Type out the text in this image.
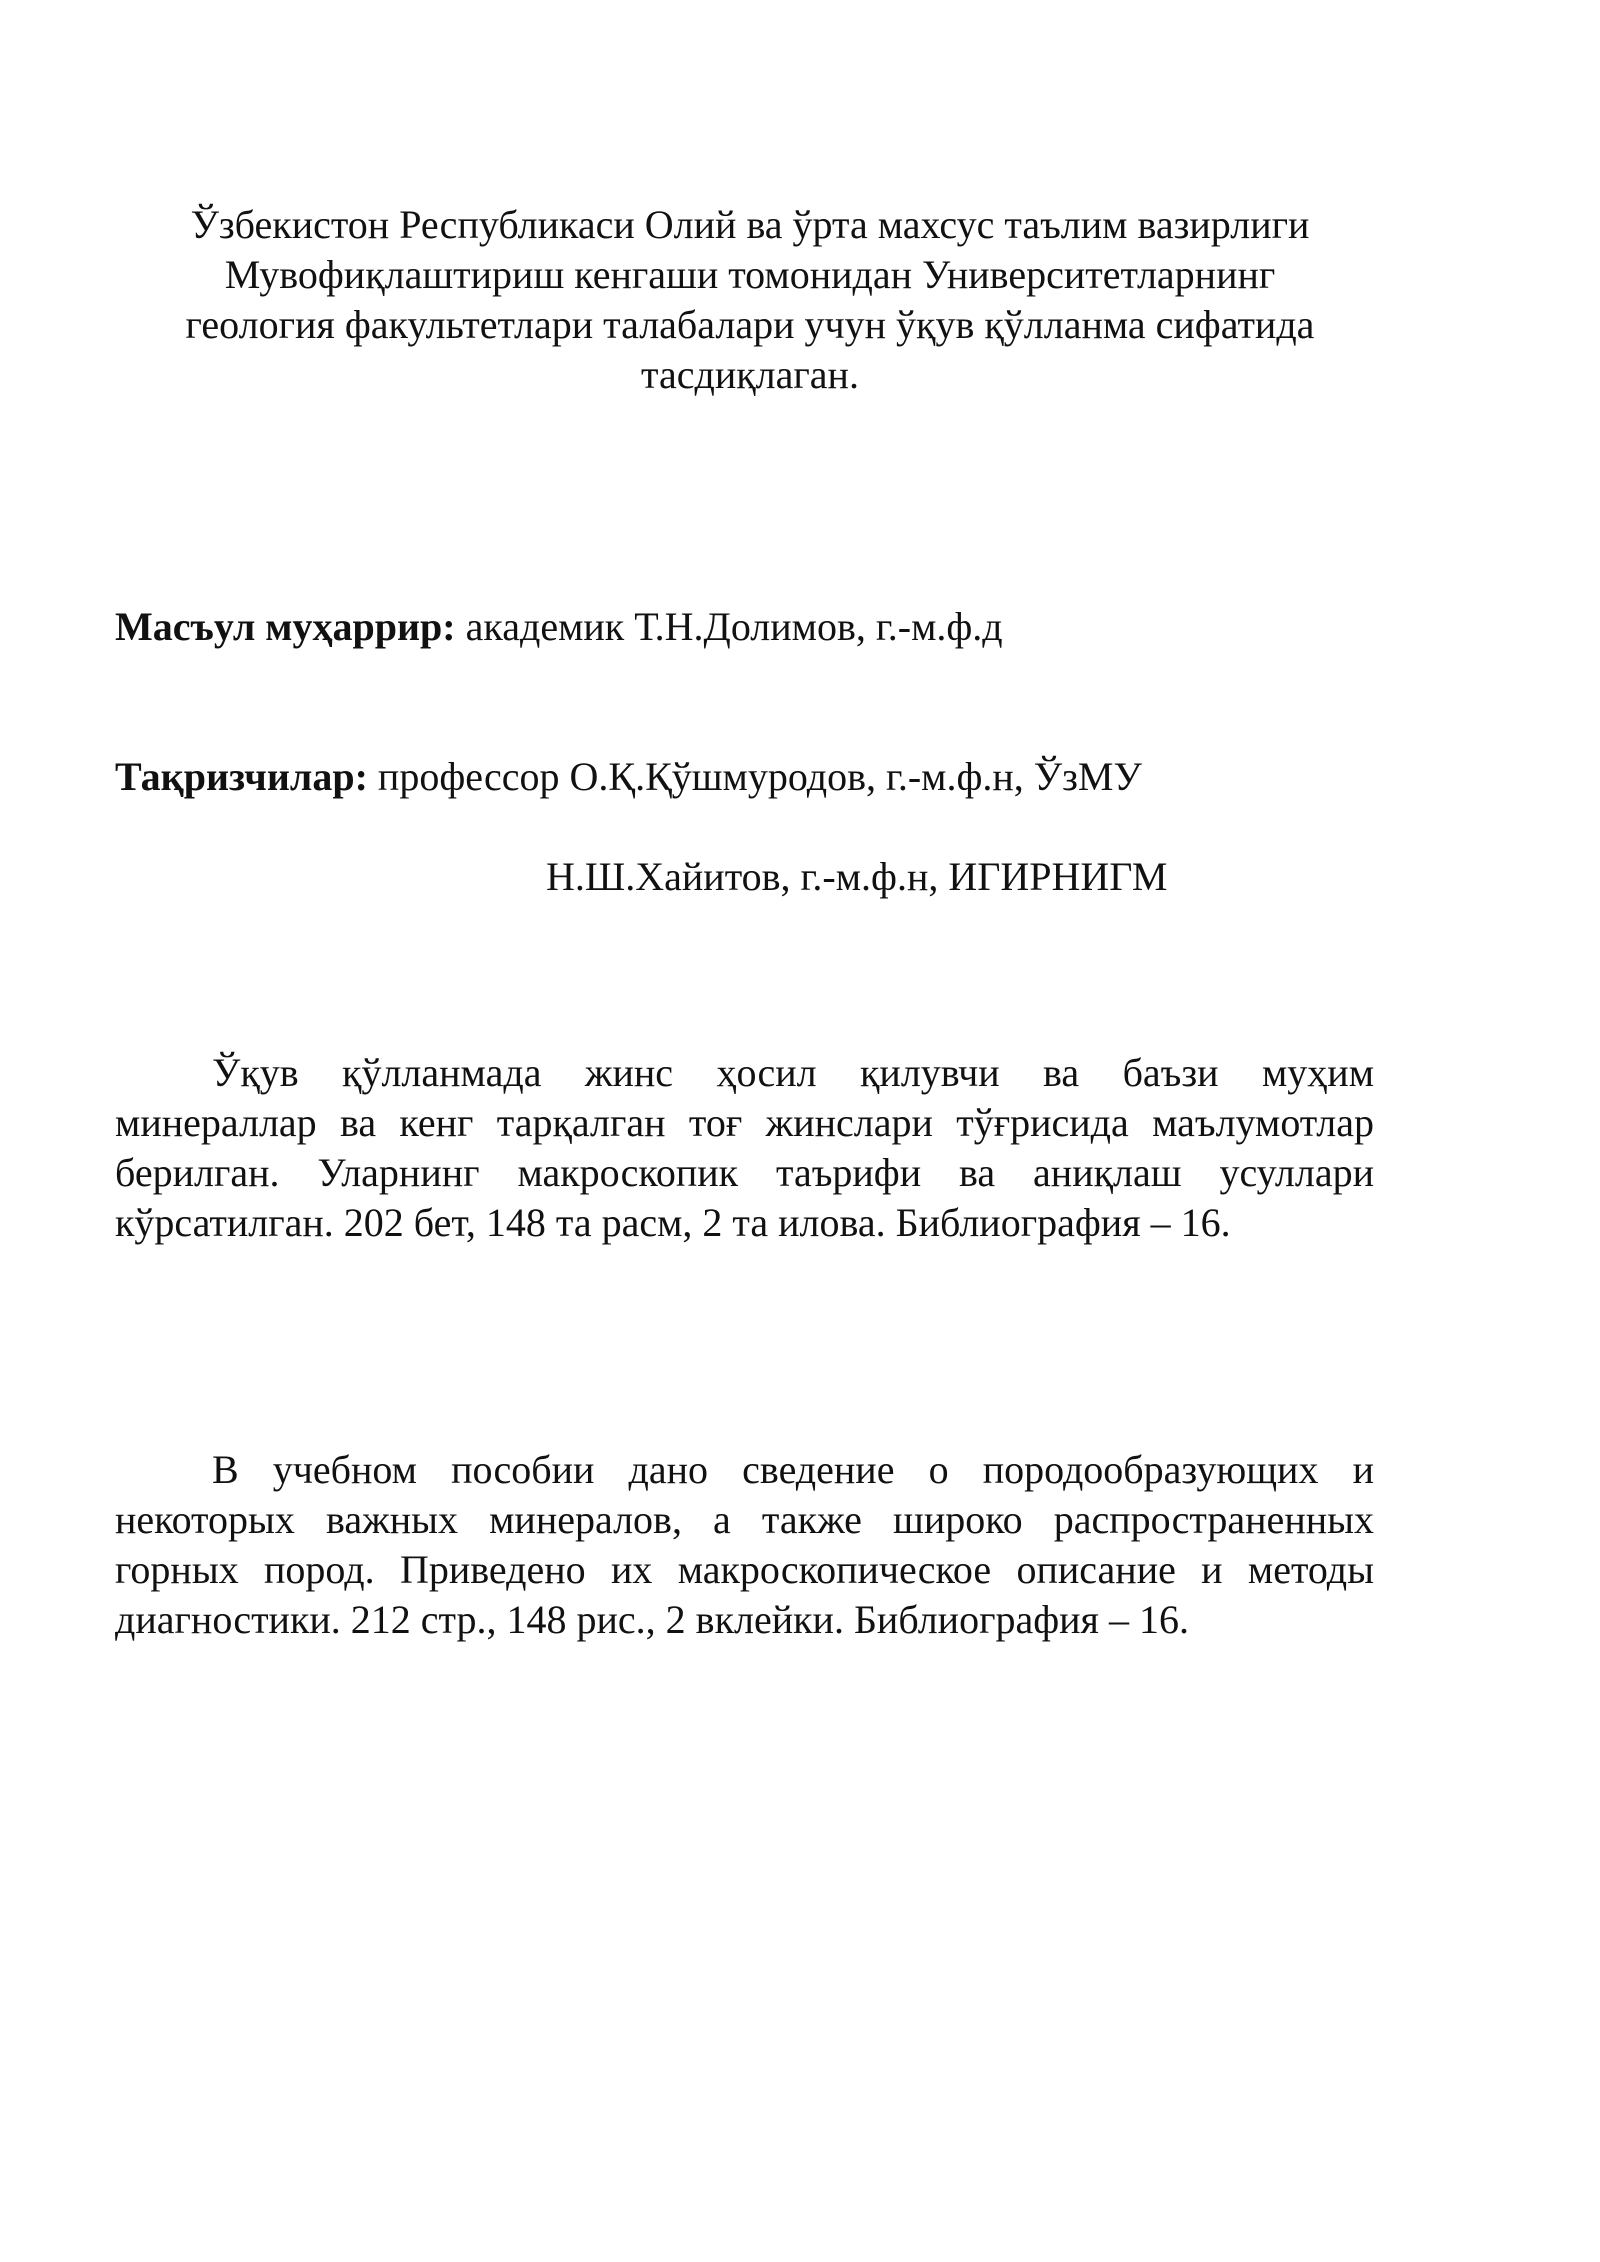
Ўзбекистон Республикаси Олий ва ўрта махсус таълим вазирлиги
Мувофиқлаштириш кенгаши томонидан Университетларнинг
геология факультетлари талабалари учун ўқув қўлланма сифатида
тасдиқлаган.
Масъул муҳаррир: академик Т.Н.Долимов, г.-м.ф.д
Тақризчилар: профессор О.Қ.Қўшмуродов, г.-м.ф.н, ЎзМУ
Н.Ш.Хайитов, г.-м.ф.н, ИГИРНИГМ
Ўқув қўлланмада жинс ҳосил қилувчи ва баъзи муҳим
минераллар ва кенг тарқалган тоғ жинслари тўғрисида маълумотлар
берилган. Уларнинг макроскопик таърифи ва аниқлаш усуллари
кўрсатилган. 202 бет, 148 та расм, 2 та илова. Библиография – 16.
В учебном пособии дано сведение о породообразующих и
некоторых важных минералов, а также широко распространенных
горных пород. Приведено их макроскопическое описание и методы
диагностики. 212 стр., 148 рис., 2 вклейки. Библиография – 16.
